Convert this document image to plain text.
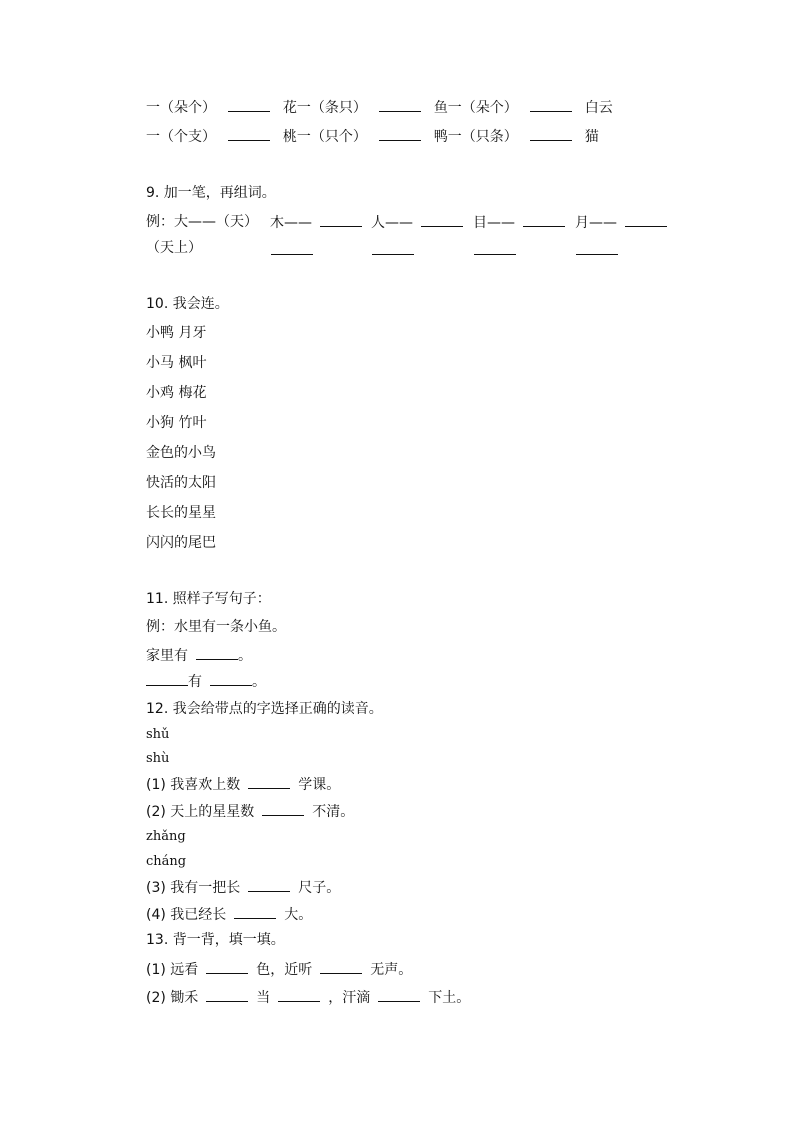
一（朵个）	花一（条只）	鱼一（朵个）	白云
一（个支）	桃一（只个）	鸭一（只条）	猫
9. 加一笔，再组词。
例：大——（天）
（天上）
木——	人——	目——	月——
10. 我会连。
小鸭 月牙
小马 枫叶
小鸡 梅花
小狗 竹叶
金色的小鸟
快活的太阳
长长的星星
闪闪的尾巴
11. 照样子写句子：
例：水里有一条小鱼。
家里有	。
有	。
12. 我会给带点的字选择正确的读音。
shǔ
shù
(1) 我喜欢上数	学课。
(2) 天上的星星数	不清。
zhǎng
cháng
(3) 我有一把长	尺子。
(4) 我已经长	大。
13. 背一背，填一填。
(1) 远看	色，近听	无声。
(2) 锄禾	当	，汗滴	下土。
